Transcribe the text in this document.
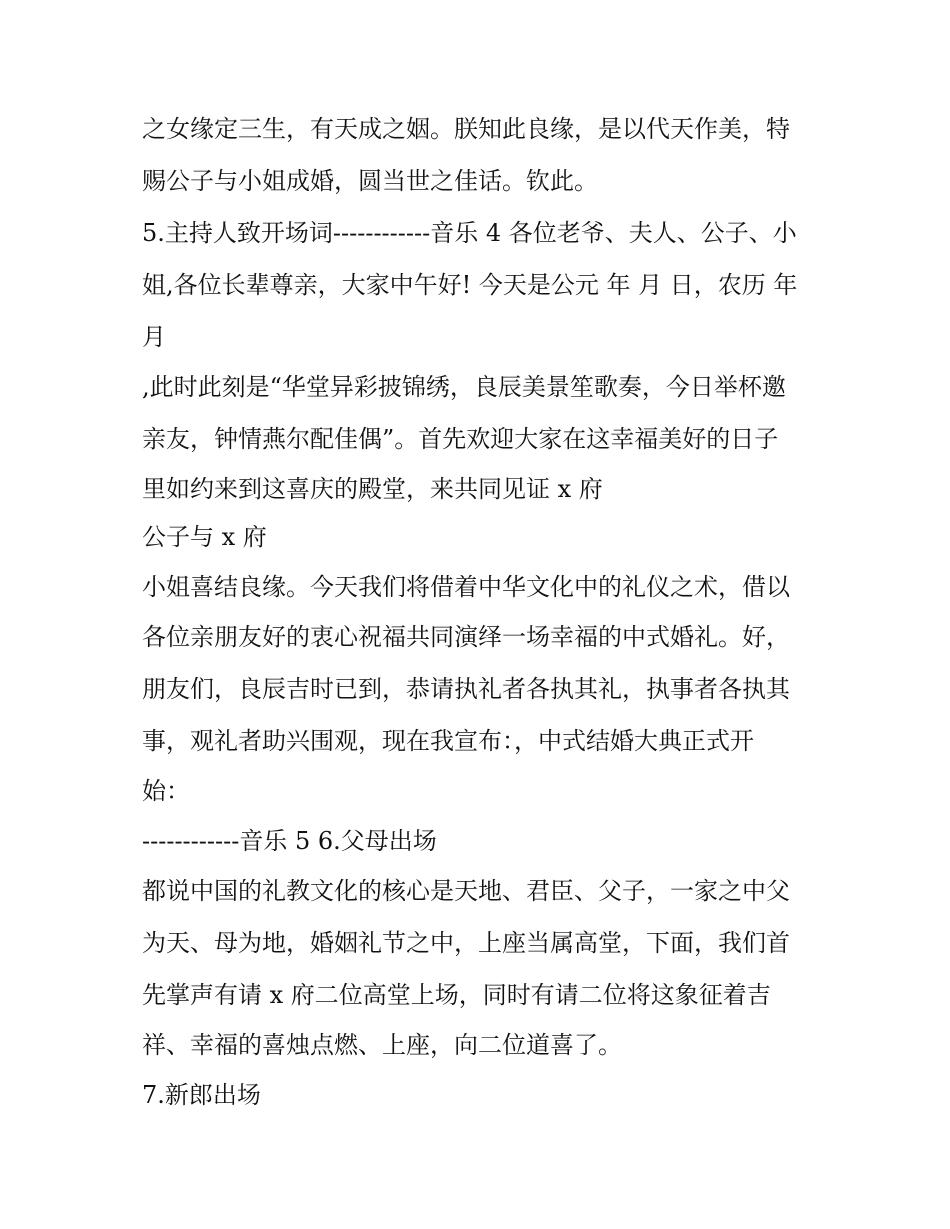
之女缘定三生，有天成之姻。朕知此良缘，是以代天作美，特
赐公子与小姐成婚，圆当世之佳话。钦此。
5.主持人致开场词------------音乐 4 各位老爷、夫人、公子、小
姐,各位长辈尊亲，大家中午好! 今天是公元 年 月 日，农历 年
月
,此时此刻是“华堂异彩披锦绣，良辰美景笙歌奏，今日举杯邀
亲友，钟情燕尔配佳偶”。首先欢迎大家在这幸福美好的日子
里如约来到这喜庆的殿堂，来共同见证 x 府
公子与 x 府
小姐喜结良缘。今天我们将借着中华文化中的礼仪之术，借以
各位亲朋友好的衷心祝福共同演绎一场幸福的中式婚礼。好，
朋友们，良辰吉时已到，恭请执礼者各执其礼，执事者各执其
事，观礼者助兴围观，现在我宣布：，中式结婚大典正式开
始：
------------音乐 5 6.父母出场
都说中国的礼教文化的核心是天地、君臣、父子，一家之中父
为天、母为地，婚姻礼节之中，上座当属高堂，下面，我们首
先掌声有请 x 府二位高堂上场，同时有请二位将这象征着吉
祥、幸福的喜烛点燃、上座，向二位道喜了。
7.新郎出场
